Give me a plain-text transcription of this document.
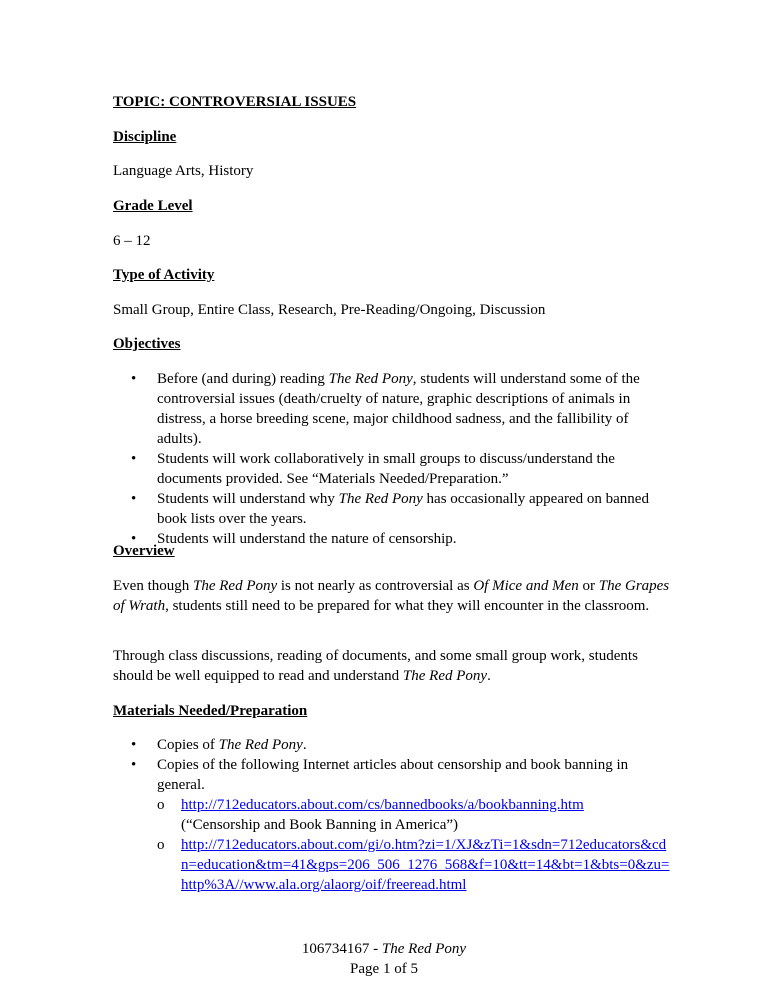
TOPIC: CONTROVERSIAL ISSUES

Discipline

Language Arts, History

Grade Level

6 – 12

Type of Activity

Small Group, Entire Class, Research, Pre-Reading/Ongoing, Discussion

Objectives

• Before (and during) reading The Red Pony, students will understand some of the controversial issues (death/cruelty of nature, graphic descriptions of animals in distress, a horse breeding scene, major childhood sadness, and the fallibility of adults).
• Students will work collaboratively in small groups to discuss/understand the documents provided. See “Materials Needed/Preparation.”
• Students will understand why The Red Pony has occasionally appeared on banned book lists over the years.
• Students will understand the nature of censorship.

Overview

Even though The Red Pony is not nearly as controversial as Of Mice and Men or The Grapes of Wrath, students still need to be prepared for what they will encounter in the classroom.

Through class discussions, reading of documents, and some small group work, students should be well equipped to read and understand The Red Pony.

Materials Needed/Preparation

• Copies of The Red Pony.
• Copies of the following Internet articles about censorship and book banning in general.
o http://712educators.about.com/cs/bannedbooks/a/bookbanning.htm
(“Censorship and Book Banning in America”)
o http://712educators.about.com/gi/o.htm?zi=1/XJ&zTi=1&sdn=712educators&cdn=education&tm=41&gps=206_506_1276_568&f=10&tt=14&bt=1&bts=0&zu=http%3A//www.ala.org/alaorg/oif/freeread.html
106734167 - The Red Pony
Page 1 of 5
